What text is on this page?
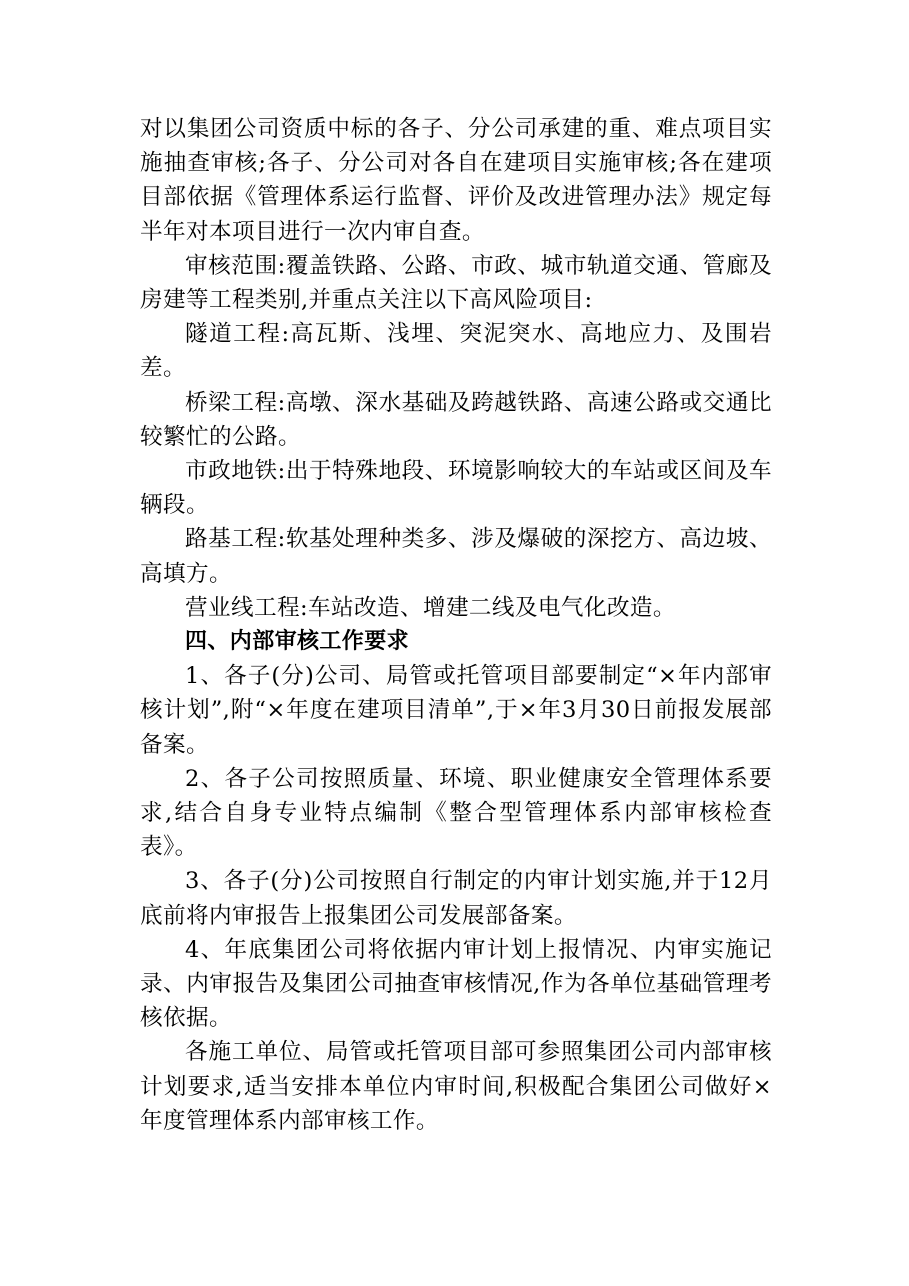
对以集团公司资质中标的各子、分公司承建的重、难点项目实施抽查审核;各子、分公司对各自在建项目实施审核;各在建项目部依据《管理体系运行监督、评价及改进管理办法》规定每半年对本项目进行一次内审自查。

审核范围:覆盖铁路、公路、市政、城市轨道交通、管廊及房建等工程类别,并重点关注以下高风险项目:

隧道工程:高瓦斯、浅埋、突泥突水、高地应力、及围岩差。

桥梁工程:高墩、深水基础及跨越铁路、高速公路或交通比较繁忙的公路。

市政地铁:出于特殊地段、环境影响较大的车站或区间及车辆段。

路基工程:软基处理种类多、涉及爆破的深挖方、高边坡、高填方。

营业线工程:车站改造、增建二线及电气化改造。

四、内部审核工作要求

1、各子(分)公司、局管或托管项目部要制定“×年内部审核计划”,附“×年度在建项目清单”,于×年3月30日前报发展部备案。

2、各子公司按照质量、环境、职业健康安全管理体系要求,结合自身专业特点编制《整合型管理体系内部审核检查表》。

3、各子(分)公司按照自行制定的内审计划实施,并于12月底前将内审报告上报集团公司发展部备案。

4、年底集团公司将依据内审计划上报情况、内审实施记录、内审报告及集团公司抽查审核情况,作为各单位基础管理考核依据。

各施工单位、局管或托管项目部可参照集团公司内部审核计划要求,适当安排本单位内审时间,积极配合集团公司做好×年度管理体系内部审核工作。
